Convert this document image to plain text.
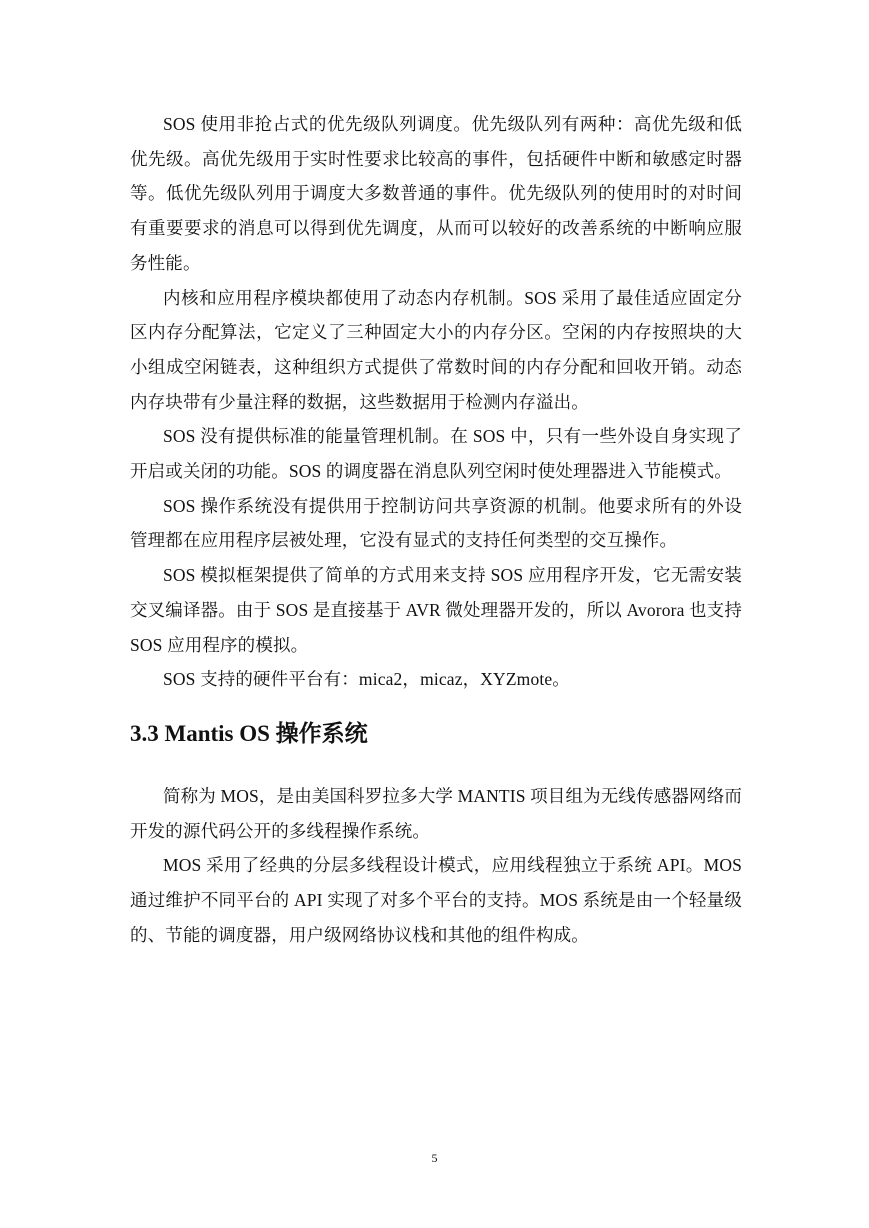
SOS 使用非抢占式的优先级队列调度。优先级队列有两种：高优先级和低优先级。高优先级用于实时性要求比较高的事件，包括硬件中断和敏感定时器等。低优先级队列用于调度大多数普通的事件。优先级队列的使用时的对时间有重要要求的消息可以得到优先调度，从而可以较好的改善系统的中断响应服务性能。

内核和应用程序模块都使用了动态内存机制。SOS 采用了最佳适应固定分区内存分配算法，它定义了三种固定大小的内存分区。空闲的内存按照块的大小组成空闲链表，这种组织方式提供了常数时间的内存分配和回收开销。动态内存块带有少量注释的数据，这些数据用于检测内存溢出。

SOS 没有提供标准的能量管理机制。在 SOS 中，只有一些外设自身实现了开启或关闭的功能。SOS 的调度器在消息队列空闲时使处理器进入节能模式。

SOS 操作系统没有提供用于控制访问共享资源的机制。他要求所有的外设管理都在应用程序层被处理，它没有显式的支持任何类型的交互操作。

SOS 模拟框架提供了简单的方式用来支持 SOS 应用程序开发，它无需安装交叉编译器。由于 SOS 是直接基于 AVR 微处理器开发的，所以 Avorora 也支持 SOS 应用程序的模拟。

SOS 支持的硬件平台有：mica2，micaz，XYZmote。

3.3 Mantis OS 操作系统

简称为 MOS，是由美国科罗拉多大学 MANTIS 项目组为无线传感器网络而开发的源代码公开的多线程操作系统。

MOS 采用了经典的分层多线程设计模式，应用线程独立于系统 API。MOS 通过维护不同平台的 API 实现了对多个平台的支持。MOS 系统是由一个轻量级的、节能的调度器，用户级网络协议栈和其他的组件构成。

5
